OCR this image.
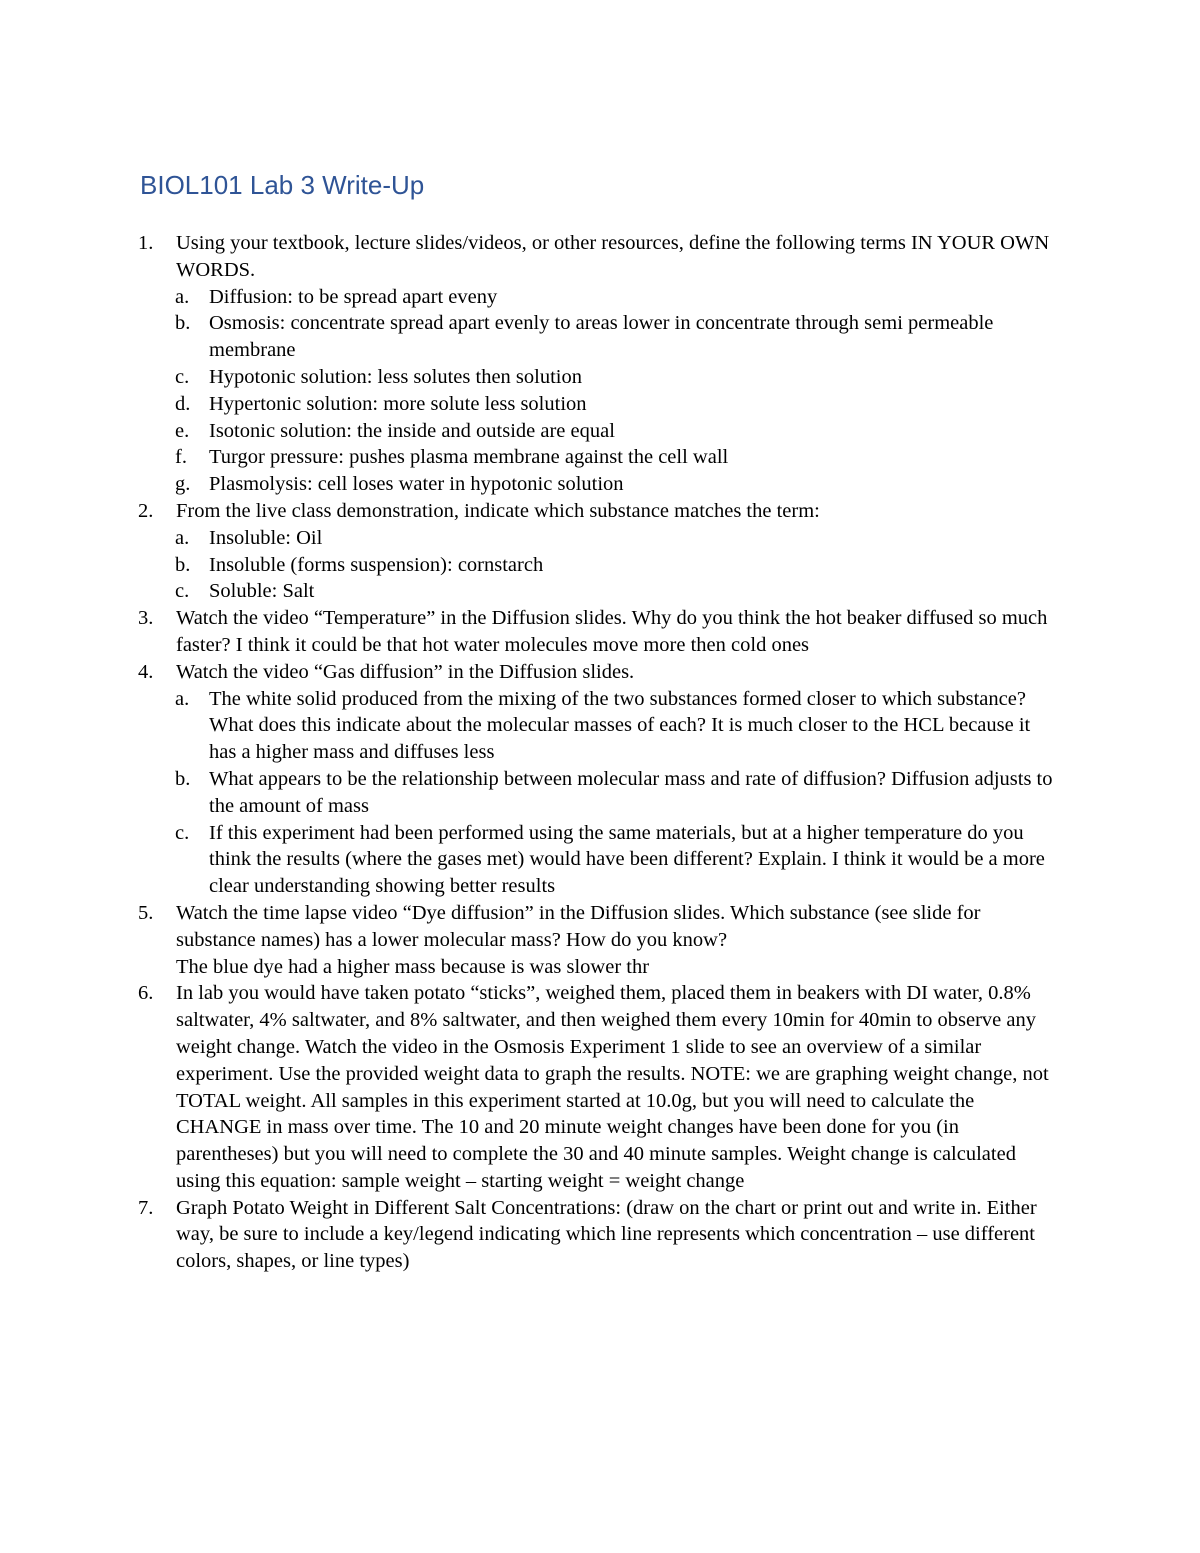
BIOL101 Lab 3 Write-Up
1.	Using your textbook, lecture slides/videos, or other resources, define the following terms IN YOUR OWN WORDS.
a. Diffusion: to be spread apart eveny
b. Osmosis: concentrate spread apart evenly to areas lower in concentrate through semi permeable membrane
c. Hypotonic solution: less solutes then solution
d. Hypertonic solution: more solute less solution
e. Isotonic solution: the inside and outside are equal
f.	Turgor pressure: pushes plasma membrane against the cell wall
g. Plasmolysis: cell loses water in hypotonic solution
2.	From the live class demonstration, indicate which substance matches the term:
a. Insoluble: Oil
b. Insoluble (forms suspension): cornstarch
c. Soluble: Salt
3.	Watch the video “Temperature” in the Diffusion slides. Why do you think the hot beaker diffused so much faster? I think it could be that hot water molecules move more then cold ones
4.	Watch the video “Gas diffusion” in the Diffusion slides.
a. The white solid produced from the mixing of the two substances formed closer to which substance? What does this indicate about the molecular masses of each? It is much closer to the HCL because it has a higher mass and diffuses less
b. What appears to be the relationship between molecular mass and rate of diffusion? Diffusion adjusts to the amount of mass
c. If this experiment had been performed using the same materials, but at a higher temperature do you think the results (where the gases met) would have been different? Explain. I think it would be a more clear understanding showing better results
5.	Watch the time lapse video “Dye diffusion” in the Diffusion slides. Which substance (see slide for substance names) has a lower molecular mass? How do you know?
The blue dye had a higher mass because is was slower thr
6.	In lab you would have taken potato “sticks”, weighed them, placed them in beakers with DI water, 0.8% saltwater, 4% saltwater, and 8% saltwater, and then weighed them every 10min for 40min to observe any weight change. Watch the video in the Osmosis Experiment 1 slide to see an overview of a similar experiment. Use the provided weight data to graph the results. NOTE: we are graphing weight change, not TOTAL weight. All samples in this experiment started at 10.0g, but you will need to calculate the CHANGE in mass over time. The 10 and 20 minute weight changes have been done for you (in parentheses) but you will need to complete the 30 and 40 minute samples. Weight change is calculated using this equation: sample weight – starting weight = weight change
7.	Graph Potato Weight in Different Salt Concentrations: (draw on the chart or print out and write in. Either way, be sure to include a key/legend indicating which line represents which concentration – use different colors, shapes, or line types)
